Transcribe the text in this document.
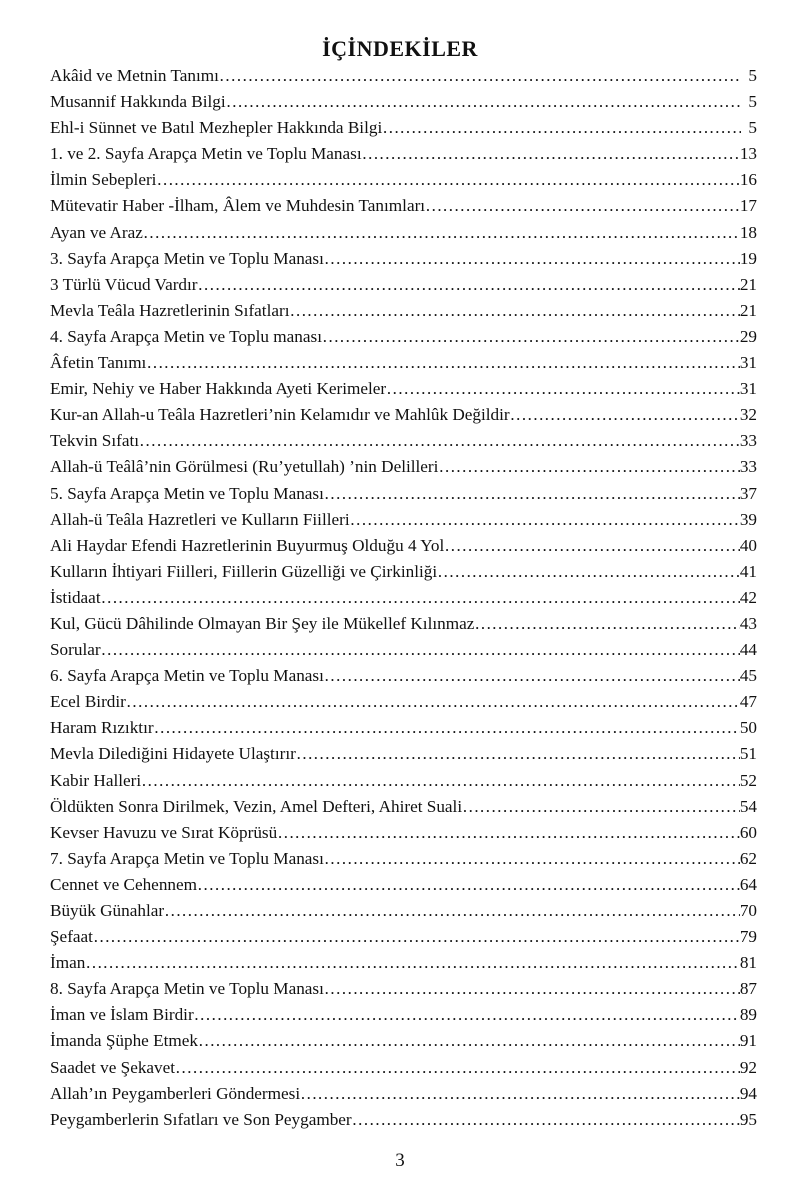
İÇİNDEKİLER
Akâid ve Metnin Tanımı ……………………………………………………………………………………………………………………………………………………………………………………	5
Musannif Hakkında Bilgi ……………………………………………………………………………………………………………………………………………………………………………………	5
Ehl-i Sünnet ve Batıl Mezhepler Hakkında Bilgi ……………………………………………………………………………………………………………………………………………………………………………………	5
1. ve 2. Sayfa Arapça Metin ve Toplu Manası ……………………………………………………………………………………………………………………………………………………………………………………	13
İlmin Sebepleri ……………………………………………………………………………………………………………………………………………………………………………………	16
Mütevatir Haber -İlham, Âlem ve Muhdesin Tanımları ……………………………………………………………………………………………………………………………………………………………………………………	17
Ayan ve Araz ……………………………………………………………………………………………………………………………………………………………………………………	18
3. Sayfa Arapça Metin ve Toplu Manası ……………………………………………………………………………………………………………………………………………………………………………………	19
3 Türlü Vücud Vardır ……………………………………………………………………………………………………………………………………………………………………………………	21
Mevla Teâla Hazretlerinin Sıfatları ……………………………………………………………………………………………………………………………………………………………………………………	21
4. Sayfa Arapça Metin ve Toplu manası ……………………………………………………………………………………………………………………………………………………………………………………	29
Âfetin Tanımı ……………………………………………………………………………………………………………………………………………………………………………………	31
Emir, Nehiy ve Haber Hakkında Ayeti Kerimeler ……………………………………………………………………………………………………………………………………………………………………………………	31
Kur-an Allah-u Teâla Hazretleri’nin Kelamıdır ve Mahlûk Değildir ……………………………………………………………………………………………………………………………………………………………………………………	32
Tekvin Sıfatı ……………………………………………………………………………………………………………………………………………………………………………………	33
Allah-ü Teâlâ’nin Görülmesi (Ru’yetullah) ’nin Delilleri ……………………………………………………………………………………………………………………………………………………………………………………	33
5. Sayfa Arapça Metin ve Toplu Manası ……………………………………………………………………………………………………………………………………………………………………………………	37
Allah-ü Teâla Hazretleri ve Kulların Fiilleri ……………………………………………………………………………………………………………………………………………………………………………………	39
Ali Haydar Efendi Hazretlerinin Buyurmuş Olduğu 4 Yol ……………………………………………………………………………………………………………………………………………………………………………………	40
Kulların İhtiyari Fiilleri, Fiillerin Güzelliği ve Çirkinliği ……………………………………………………………………………………………………………………………………………………………………………………	41
İstidaat ……………………………………………………………………………………………………………………………………………………………………………………	42
Kul, Gücü Dâhilinde Olmayan Bir Şey ile Mükellef Kılınmaz ……………………………………………………………………………………………………………………………………………………………………………………	43
Sorular ……………………………………………………………………………………………………………………………………………………………………………………	44
6. Sayfa Arapça Metin ve Toplu Manası ……………………………………………………………………………………………………………………………………………………………………………………	45
Ecel Birdir ……………………………………………………………………………………………………………………………………………………………………………………	47
Haram Rızıktır ……………………………………………………………………………………………………………………………………………………………………………………	50
Mevla Dilediğini Hidayete Ulaştırır ……………………………………………………………………………………………………………………………………………………………………………………	51
Kabir Halleri ……………………………………………………………………………………………………………………………………………………………………………………	52
Öldükten Sonra Dirilmek, Vezin, Amel Defteri, Ahiret Suali ……………………………………………………………………………………………………………………………………………………………………………………	54
Kevser Havuzu ve Sırat Köprüsü ……………………………………………………………………………………………………………………………………………………………………………………	60
7. Sayfa Arapça Metin ve Toplu Manası ……………………………………………………………………………………………………………………………………………………………………………………	62
Cennet ve Cehennem ……………………………………………………………………………………………………………………………………………………………………………………	64
Büyük Günahlar ……………………………………………………………………………………………………………………………………………………………………………………	70
Şefaat ……………………………………………………………………………………………………………………………………………………………………………………	79
İman ……………………………………………………………………………………………………………………………………………………………………………………	81
8. Sayfa Arapça Metin ve Toplu Manası ……………………………………………………………………………………………………………………………………………………………………………………	87
İman ve İslam Birdir ……………………………………………………………………………………………………………………………………………………………………………………	89
İmanda Şüphe Etmek ……………………………………………………………………………………………………………………………………………………………………………………	91
Saadet ve Şekavet ……………………………………………………………………………………………………………………………………………………………………………………	92
Allah’ın Peygamberleri Göndermesi ……………………………………………………………………………………………………………………………………………………………………………………	94
Peygamberlerin Sıfatları ve Son Peygamber ……………………………………………………………………………………………………………………………………………………………………………………	95
3
